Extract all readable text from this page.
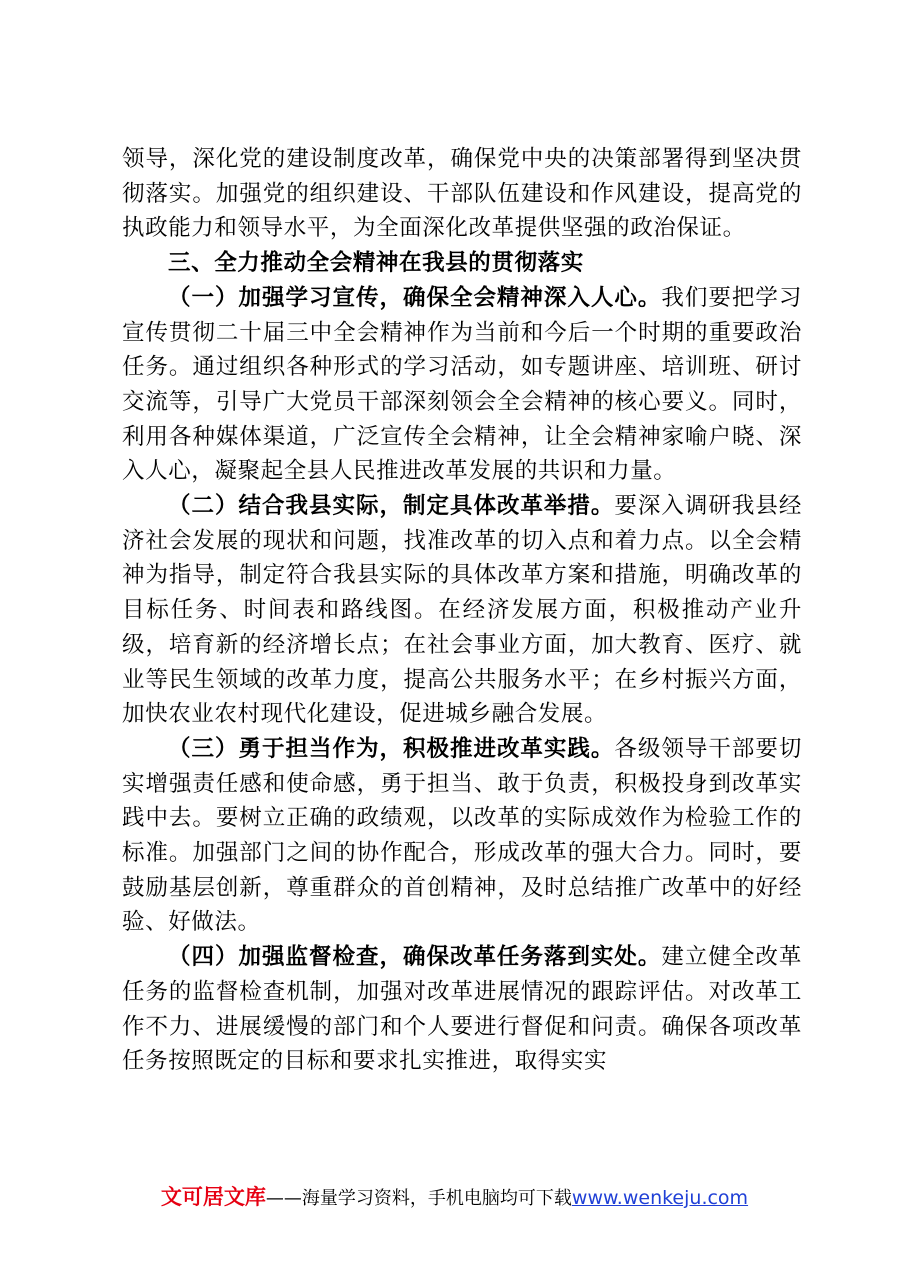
领导，深化党的建设制度改革，确保党中央的决策部署得到坚决贯彻落实。加强党的组织建设、干部队伍建设和作风建设，提高党的执政能力和领导水平，为全面深化改革提供坚强的政治保证。

三、全力推动全会精神在我县的贯彻落实

（一）加强学习宣传，确保全会精神深入人心。我们要把学习宣传贯彻二十届三中全会精神作为当前和今后一个时期的重要政治任务。通过组织各种形式的学习活动，如专题讲座、培训班、研讨交流等，引导广大党员干部深刻领会全会精神的核心要义。同时，利用各种媒体渠道，广泛宣传全会精神，让全会精神家喻户晓、深入人心，凝聚起全县人民推进改革发展的共识和力量。

（二）结合我县实际，制定具体改革举措。要深入调研我县经济社会发展的现状和问题，找准改革的切入点和着力点。以全会精神为指导，制定符合我县实际的具体改革方案和措施，明确改革的目标任务、时间表和路线图。在经济发展方面，积极推动产业升级，培育新的经济增长点；在社会事业方面，加大教育、医疗、就业等民生领域的改革力度，提高公共服务水平；在乡村振兴方面，加快农业农村现代化建设，促进城乡融合发展。

（三）勇于担当作为，积极推进改革实践。各级领导干部要切实增强责任感和使命感，勇于担当、敢于负责，积极投身到改革实践中去。要树立正确的政绩观，以改革的实际成效作为检验工作的标准。加强部门之间的协作配合，形成改革的强大合力。同时，要鼓励基层创新，尊重群众的首创精神，及时总结推广改革中的好经验、好做法。

（四）加强监督检查，确保改革任务落到实处。建立健全改革任务的监督检查机制，加强对改革进展情况的跟踪评估。对改革工作不力、进展缓慢的部门和个人要进行督促和问责。确保各项改革任务按照既定的目标和要求扎实推进，取得实实

文可居文库——海量学习资料，手机电脑均可下载www.wenkeju.com
